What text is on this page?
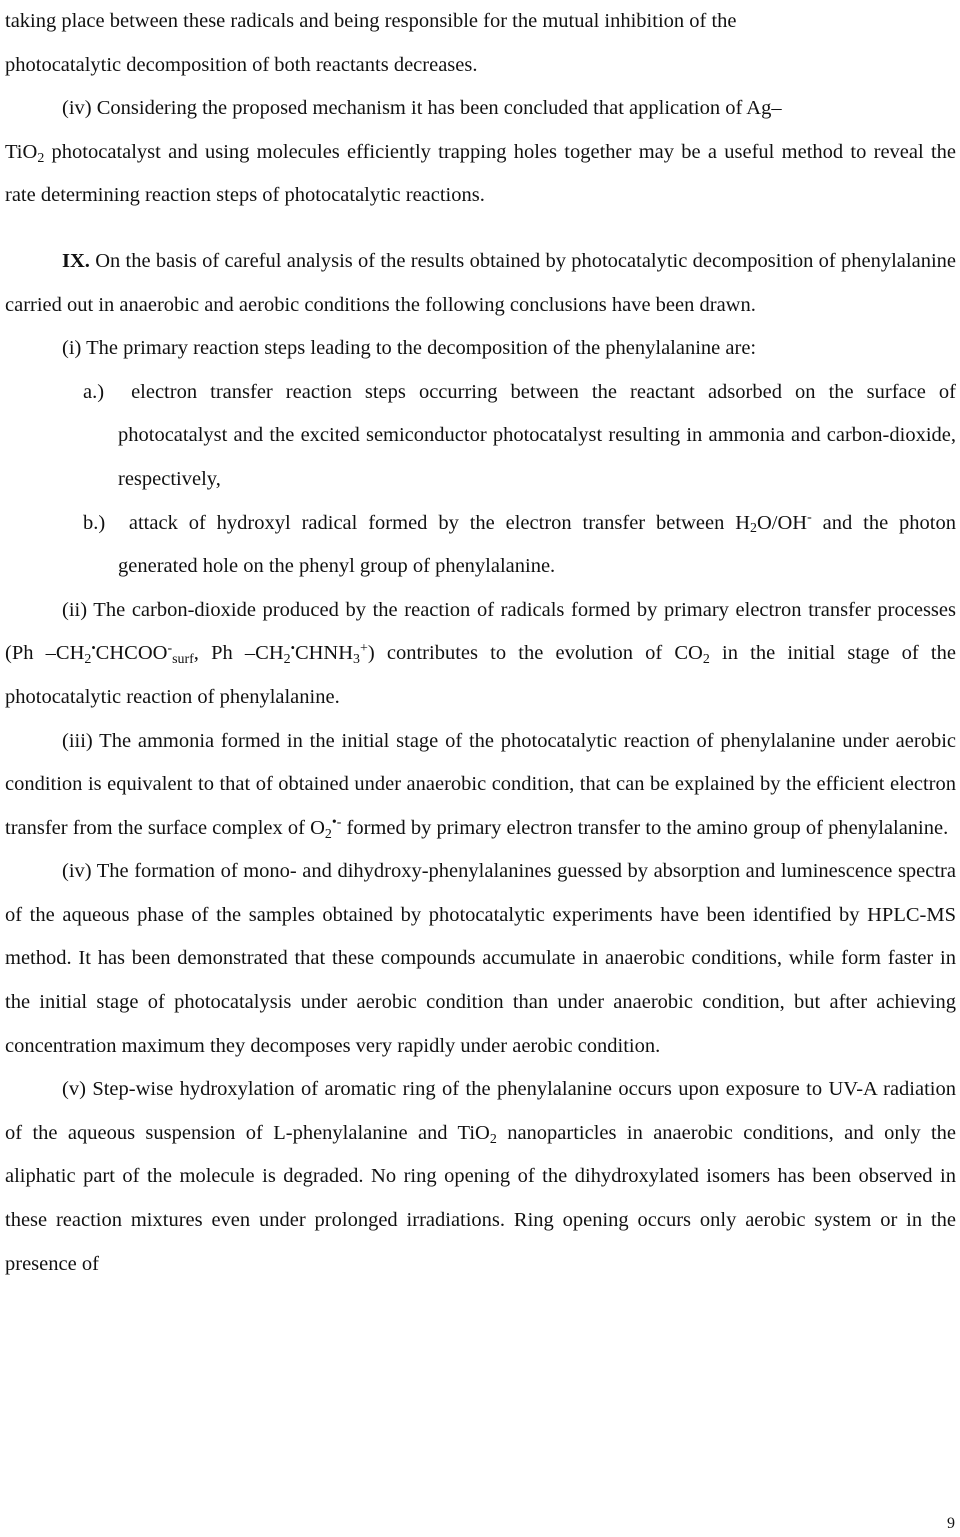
taking place between these radicals and being responsible for the mutual inhibition of the
photocatalytic decomposition of both reactants decreases.

(iv) Considering the proposed mechanism it has been concluded that application of Ag–
TiO$_2$ photocatalyst and using molecules efficiently trapping holes together may be a useful method to reveal the rate determining reaction steps of photocatalytic reactions.

IX. On the basis of careful analysis of the results obtained by photocatalytic decomposition of phenylalanine carried out in anaerobic and aerobic conditions the following conclusions have been drawn.

(i) The primary reaction steps leading to the decomposition of the phenylalanine are:

a.) electron transfer reaction steps occurring between the reactant adsorbed on the surface of photocatalyst and the excited semiconductor photocatalyst resulting in ammonia and carbon-dioxide, respectively,

b.) attack of hydroxyl radical formed by the electron transfer between $H_2O/OH^-$ and the photon generated hole on the phenyl group of phenylalanine.

(ii) The carbon-dioxide produced by the reaction of radicals formed by primary electron transfer processes (Ph $-CH_2^•CHCOO^-_{surf}$, Ph $-CH_2^•CHNH_3^+$) contributes to the evolution of $CO_2$ in the initial stage of the photocatalytic reaction of phenylalanine.

(iii) The ammonia formed in the initial stage of the photocatalytic reaction of phenylalanine under aerobic condition is equivalent to that of obtained under anaerobic condition, that can be explained by the efficient electron transfer from the surface complex of $O_2^{•-}$ formed by primary electron transfer to the amino group of phenylalanine.

(iv) The formation of mono- and dihydroxy-phenylalanines guessed by absorption and luminescence spectra of the aqueous phase of the samples obtained by photocatalytic experiments have been identified by HPLC-MS method. It has been demonstrated that these compounds accumulate in anaerobic conditions, while form faster in the initial stage of photocatalysis under aerobic condition than under anaerobic condition, but after achieving concentration maximum they decomposes very rapidly under aerobic condition.

(v) Step-wise hydroxylation of aromatic ring of the phenylalanine occurs upon exposure to UV-A radiation of the aqueous suspension of L-phenylalanine and TiO$_2$ nanoparticles in anaerobic conditions, and only the aliphatic part of the molecule is degraded. No ring opening of the dihydroxylated isomers has been observed in these reaction mixtures even under prolonged irradiations. Ring opening occurs only aerobic system or in the presence of

9
